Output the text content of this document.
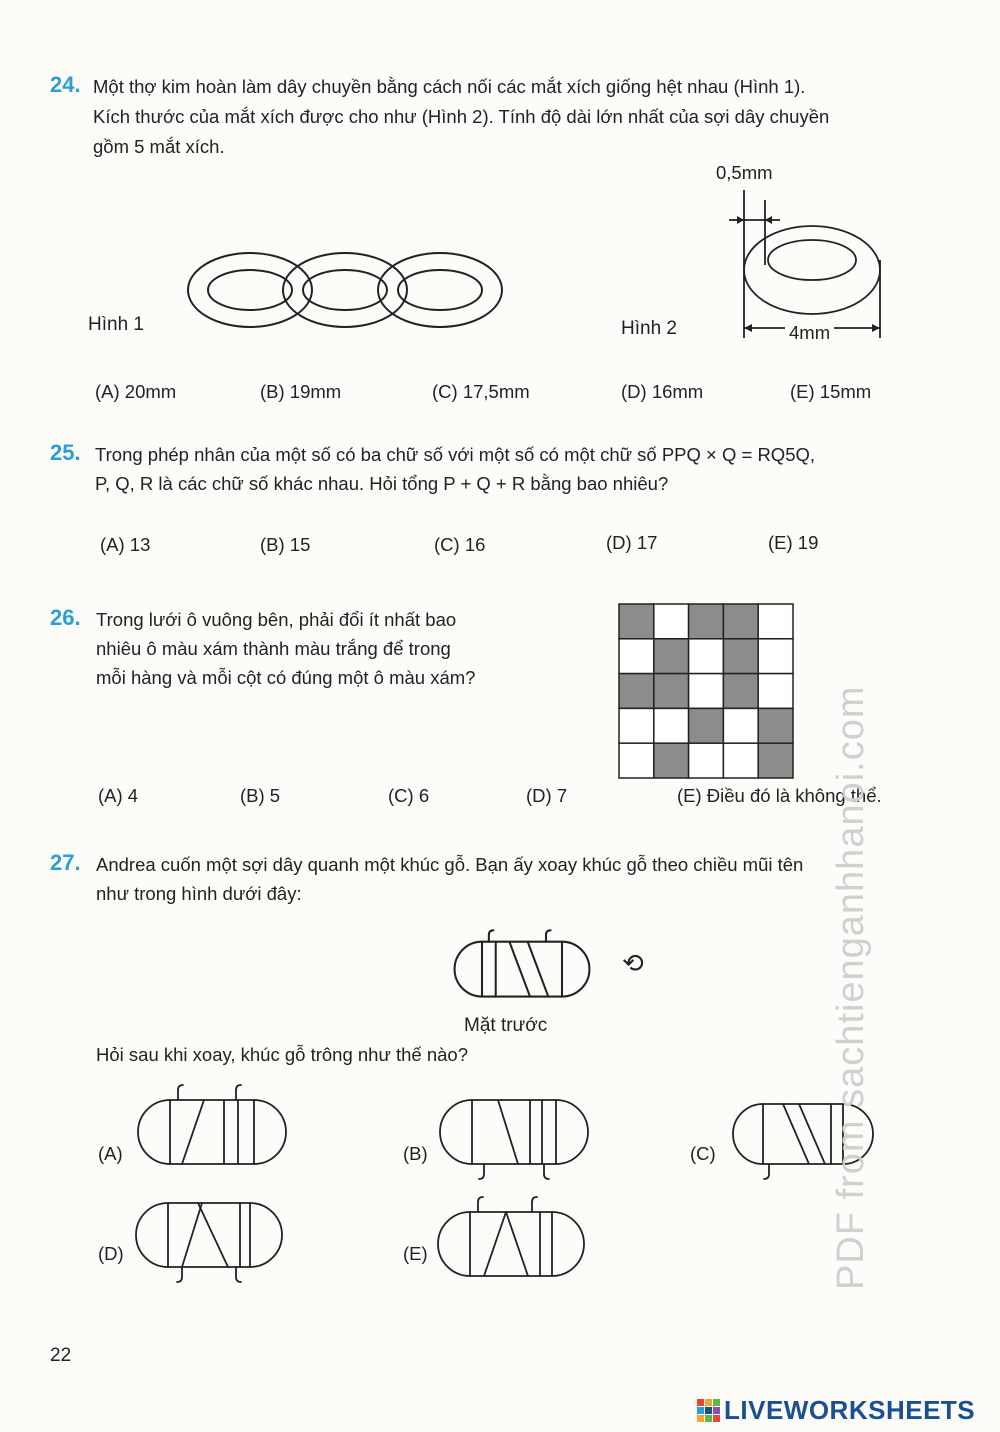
24. Một thợ kim hoàn làm dây chuyền bằng cách nối các mắt xích giống hệt nhau (Hình 1).
Kích thước của mắt xích được cho như (Hình 2). Tính độ dài lớn nhất của sợi dây chuyền
gồm 5 mắt xích.
Hình 1	Hình 2
0,5mm
4mm
(A) 20mm	(B) 19mm	(C) 17,5mm	(D) 16mm	(E) 15mm
25. Trong phép nhân của một số có ba chữ số với một số có một chữ số PPQ × Q = RQ5Q,
P, Q, R là các chữ số khác nhau. Hỏi tổng P + Q + R bằng bao nhiêu?
(A) 13	(B) 15	(C) 16	(D) 17	(E) 19
26. Trong lưới ô vuông bên, phải đổi ít nhất bao
nhiêu ô màu xám thành màu trắng để trong
mỗi hàng và mỗi cột có đúng một ô màu xám?
(A) 4	(B) 5	(C) 6	(D) 7	(E) Điều đó là không thể.
27. Andrea cuốn một sợi dây quanh một khúc gỗ. Bạn ấy xoay khúc gỗ theo chiều mũi tên
như trong hình dưới đây:
⟲
Mặt trước
Hỏi sau khi xoay, khúc gỗ trông như thế nào?
(A)	(B)	(C)
(D)	(E)
22
PDF from sachtienganhhanoi.com
LIVEWORKSHEETS
